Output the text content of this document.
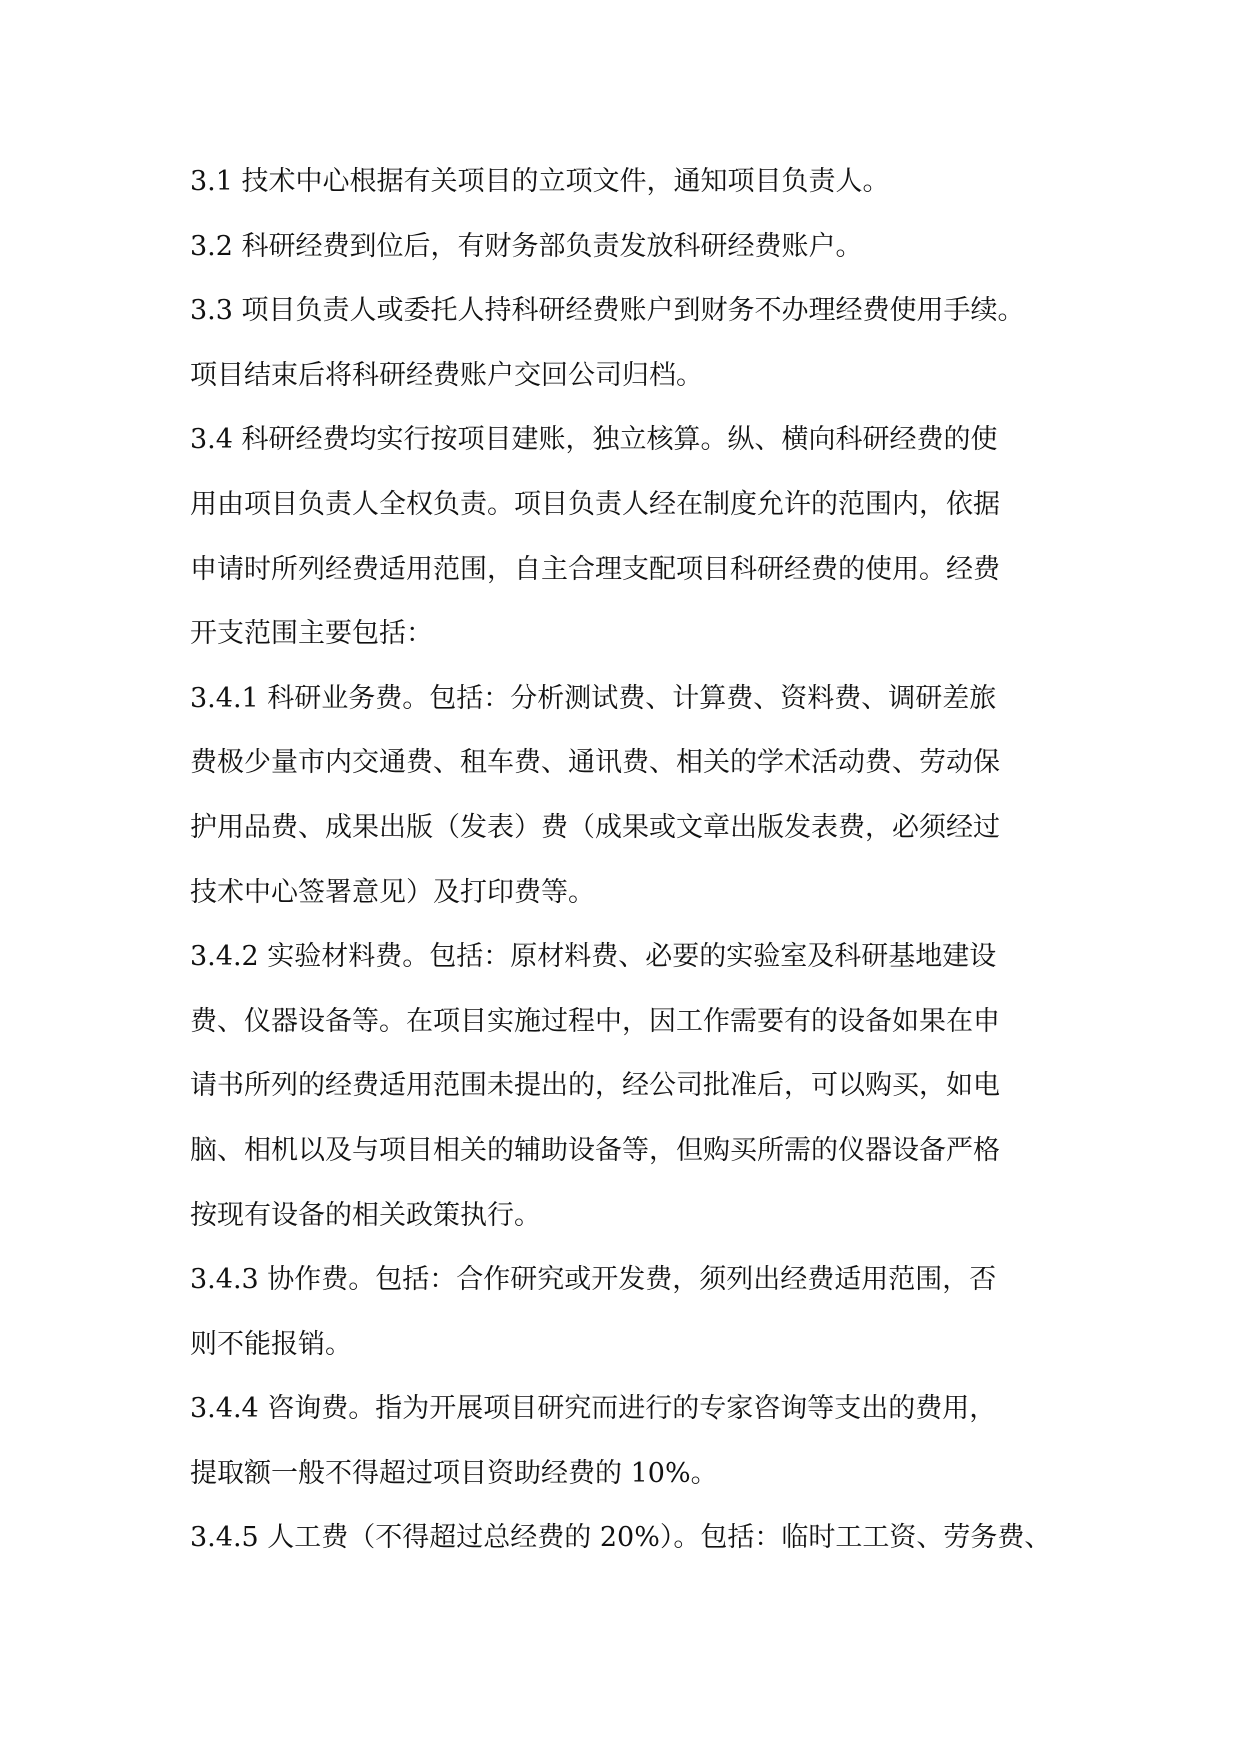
3.1 技术中心根据有关项目的立项文件，通知项目负责人。
3.2 科研经费到位后，有财务部负责发放科研经费账户。
3.3 项目负责人或委托人持科研经费账户到财务不办理经费使用手续。
项目结束后将科研经费账户交回公司归档。
3.4 科研经费均实行按项目建账，独立核算。纵、横向科研经费的使
用由项目负责人全权负责。项目负责人经在制度允许的范围内，依据
申请时所列经费适用范围，自主合理支配项目科研经费的使用。经费
开支范围主要包括：
3.4.1 科研业务费。包括：分析测试费、计算费、资料费、调研差旅
费极少量市内交通费、租车费、通讯费、相关的学术活动费、劳动保
护用品费、成果出版（发表）费（成果或文章出版发表费，必须经过
技术中心签署意见）及打印费等。
3.4.2 实验材料费。包括：原材料费、必要的实验室及科研基地建设
费、仪器设备等。在项目实施过程中，因工作需要有的设备如果在申
请书所列的经费适用范围未提出的，经公司批准后，可以购买，如电
脑、相机以及与项目相关的辅助设备等，但购买所需的仪器设备严格
按现有设备的相关政策执行。
3.4.3 协作费。包括：合作研究或开发费，须列出经费适用范围，否
则不能报销。
3.4.4 咨询费。指为开展项目研究而进行的专家咨询等支出的费用，
提取额一般不得超过项目资助经费的 10%。
3.4.5 人工费（不得超过总经费的 20%）。包括：临时工工资、劳务费、
